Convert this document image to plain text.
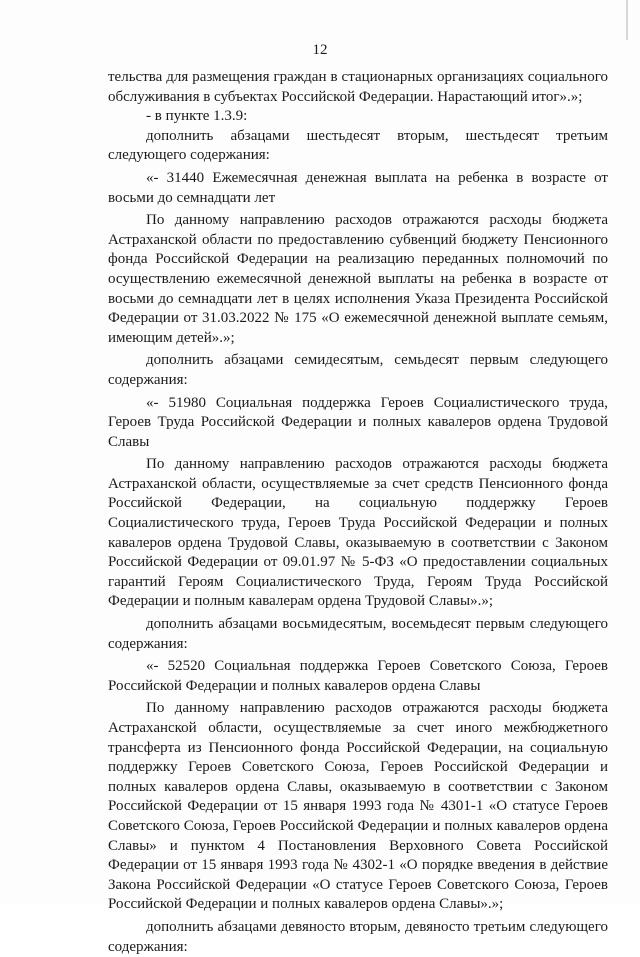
12

тельства для размещения граждан в стационарных организациях социального обслуживания в субъектах Российской Федерации. Нарастающий итог».»;

- в пункте 1.3.9:

дополнить абзацами шестьдесят вторым, шестьдесят третьим следующего содержания:

«- 31440 Ежемесячная денежная выплата на ребенка в возрасте от восьми до семнадцати лет

По данному направлению расходов отражаются расходы бюджета Астраханской области по предоставлению субвенций бюджету Пенсионного фонда Российской Федерации на реализацию переданных полномочий по осуществлению ежемесячной денежной выплаты на ребенка в возрасте от восьми до семнадцати лет в целях исполнения Указа Президента Российской Федерации от 31.03.2022 № 175 «О ежемесячной денежной выплате семьям, имеющим детей».»;

дополнить абзацами семидесятым, семьдесят первым следующего содержания:

«- 51980 Социальная поддержка Героев Социалистического труда, Героев Труда Российской Федерации и полных кавалеров ордена Трудовой Славы

По данному направлению расходов отражаются расходы бюджета Астраханской области, осуществляемые за счет средств Пенсионного фонда Российской Федерации, на социальную поддержку Героев Социалистического труда, Героев Труда Российской Федерации и полных кавалеров ордена Трудовой Славы, оказываемую в соответствии с Законом Российской Федерации от 09.01.97 № 5-ФЗ «О предоставлении социальных гарантий Героям Социалистического Труда, Героям Труда Российской Федерации и полным кавалерам ордена Трудовой Славы».»;

дополнить абзацами восьмидесятым, восемьдесят первым следующего содержания:

«- 52520 Социальная поддержка Героев Советского Союза, Героев Российской Федерации и полных кавалеров ордена Славы

По данному направлению расходов отражаются расходы бюджета Астраханской области, осуществляемые за счет иного межбюджетного трансферта из Пенсионного фонда Российской Федерации, на социальную поддержку Героев Советского Союза, Героев Российской Федерации и полных кавалеров ордена Славы, оказываемую в соответствии с Законом Российской Федерации от 15 января 1993 года № 4301-1 «О статусе Героев Советского Союза, Героев Российской Федерации и полных кавалеров ордена Славы» и пунктом 4 Постановления Верховного Совета Российской Федерации от 15 января 1993 года № 4302-1 «О порядке введения в действие Закона Российской Федерации «О статусе Героев Советского Союза, Героев Российской Федерации и полных кавалеров ордена Славы».»;

дополнить абзацами девяносто вторым, девяносто третьим следующего содержания:
